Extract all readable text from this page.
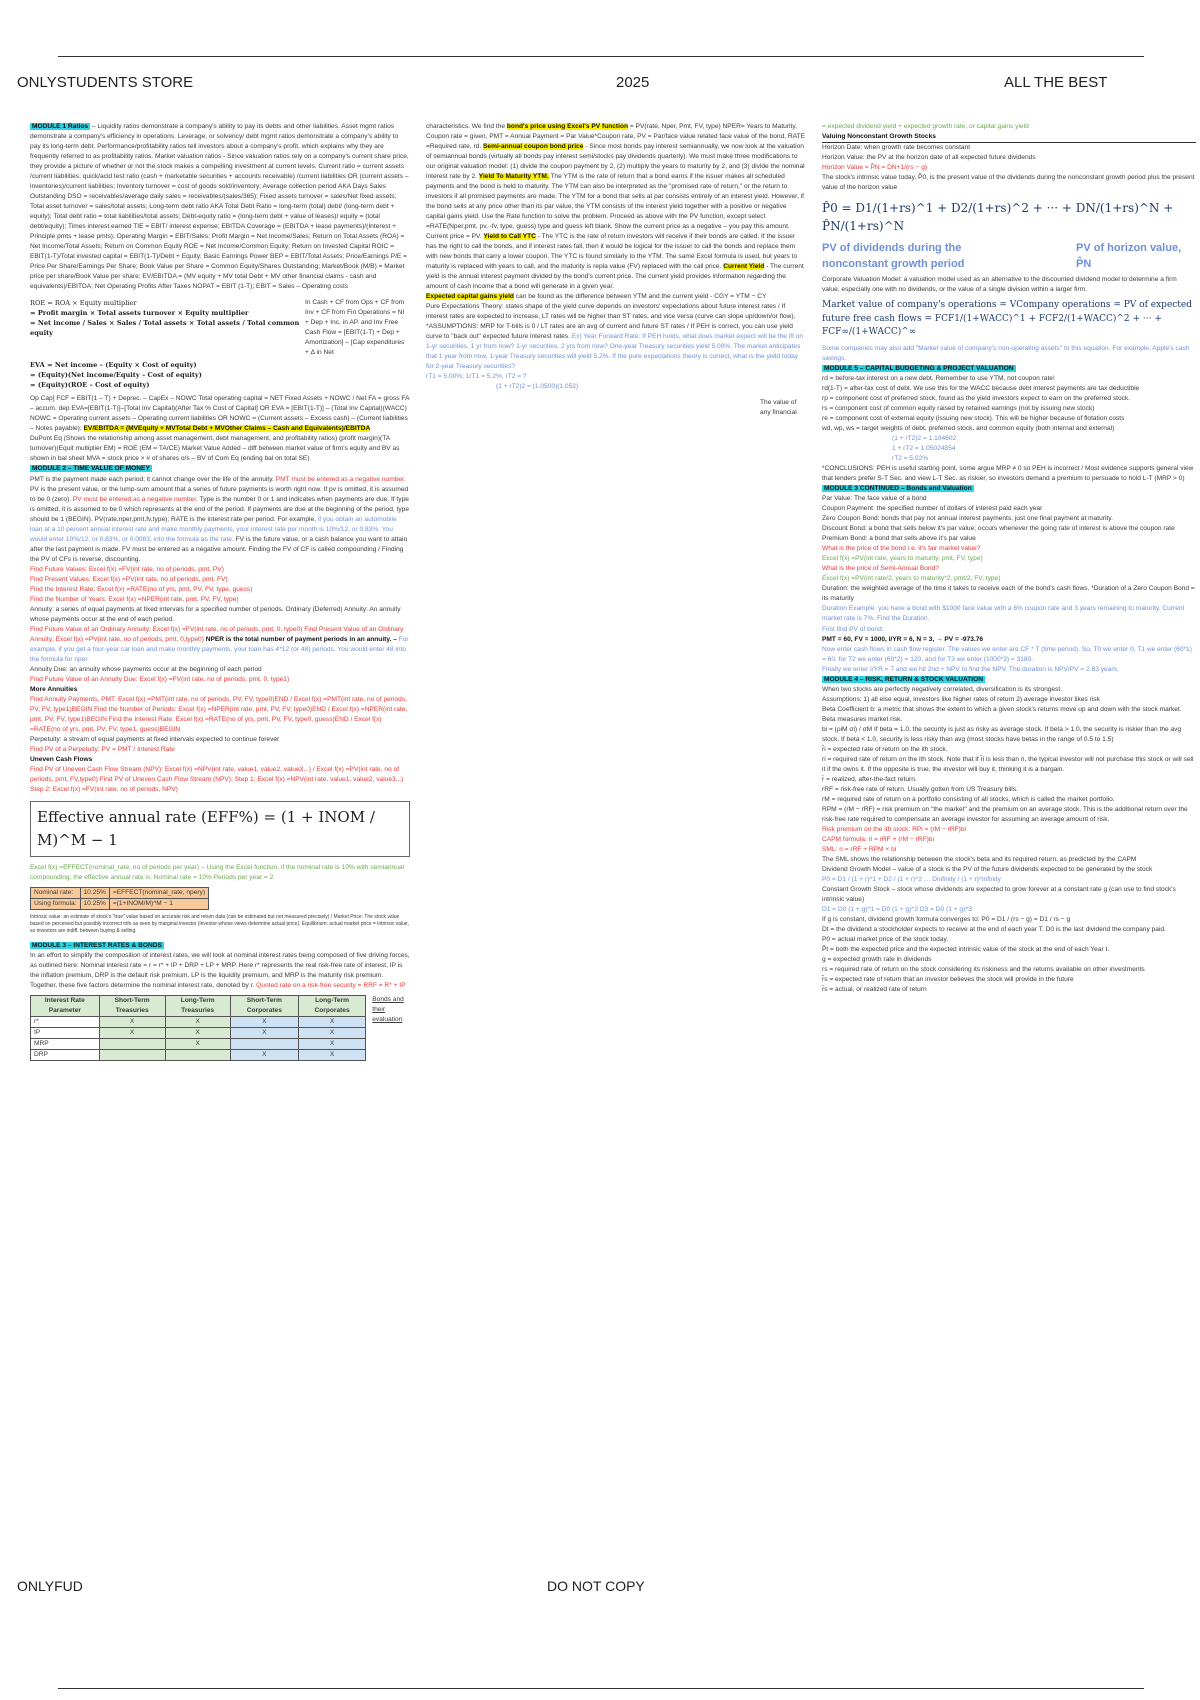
ONLYSTUDENTS STORE	2025	ALL THE BEST

MODULE 1 Ratios – Liquidity ratios demonstrate a company's ability to pay its debts and other liabilities. Asset mgmt ratios demonstrate a company's efficiency in operations. Leverage, or solvency/ debt mgmt ratios demonstrate a company's ability to pay its long-term debt. Performance/profitability ratios tell investors about a company's profit, which explains why they are frequently referred to as profitability ratios. Market valuation ratios - Since valuation ratios rely on a company's current share price, they provide a picture of whether or not the stock makes a compelling investment at current levels. Current ratio = current assets /current liabilities; quick/acid test ratio (cash + marketable securities + accounts receivable) /current liabilities OR (current assets – inventories)/current liabilities; Inventory turnover = cost of goods sold/inventory; Average collection period AKA Days Sales Outstanding DSO = receivables/average daily sales = receivables/(sales/365); Fixed assets turnover = sales/Net fixed assets; Total asset turnover = sales/total assets; Long-term debt ratio AKA Total Debt Ratio = long-term (total) debt/ (long-term debt + equity); Total debt ratio = total liabilities/total assets; Debt-equity ratio = (long-term debt + value of leases)/ equity = (total debt/equity); Times interest earned TIE = EBIT/ interest expense; EBITDA Coverage = (EBITDA + lease payments)/(Interest + Principle pmts + lease pmts); Operating Margin = EBIT/Sales; Profit Margin = Net Income/Sales; Return on Total Assets (ROA) = Net Income/Total Assets; Return on Common Equity ROE = Net Income/Common Equity; Return on Invested Capital ROIC = EBIT(1-T)/Total invested capital = EBIT(1-T)/Debt + Equity; Basic Earnings Power BEP = EBIT/Total Assets; Price/Earnings P/E = Price Per Share/Earnings Per Share; Book Value per Share = Common Equity/Shares Outstanding; Market/Book (M/B) = Market price per share/Book Value per share; EV/EBITDA = (MV equity + MV total Debt + MV other financial claims - cash and equivalents)/EBITDA; Net Operating Profits After Taxes NOPAT = EBIT (1-T); EBIT = Sales – Operating costs

ROE = ROA × Equity multiplier

= Profit margin × Total assets turnover × Equity multiplier

= Net income / Sales × Sales / Total assets × Total assets / Total common equity

EVA = Net income – (Equity × Cost of equity)

= (Equity)(Net income/Equity – Cost of equity)

= (Equity)(ROE – Cost of equity)

In Cash + CF from Ops + CF from Inv + CF from Fin Operations = NI + Dep + Inc. in AP. and Inv Free Cash Flow = [EBIT(1-T) + Dep + Amortization] – [Cap expenditures + Δ in Net

Op Cap] FCF = EBIT(1 – T) + Deprec. – CapEx – NOWC Total operating capital = NET Fixed Assets + NOWC / Net FA = gross FA – accum. dep EVA=[EBIT(1-T)]–[Total Inv Capital)(After Tax % Cost of Capital] OR EVA = [EBIT(1-T)] – (Total Inv Capital)(WACC) NOWC = Operating current assets – Operating current liabilities OR NOWC = (Current assets – Excess cash) – (Current liabilities – Notes payable); EV/EBITDA = (MVEquity + MVTotal Debt + MVOther Claims – Cash and Equivalents)/EBITDA

DuPont Eq (Shows the relationship among asset management, debt management, and profitability ratios) (profit margin)(TA turnover)(Equit multiplier EM) = ROE (EM = TA/CE) Market Value Added – diff between market value of firm's equity and BV as shown in bal sheet MVA = stock price × # of shares o/s – BV of Com Eq (ending bal on total SE)

MODULE 2 – TIME VALUE OF MONEY
PMT is the payment made each period; it cannot change over the life of the annuity. PMT must be entered as a negative number. PV is the present value, or the lump-sum amount that a series of future payments is worth right now. If pv is omitted, it is assumed to be 0 (zero). PV must be entered as a negative number. Type is the number 0 or 1 and indicates when payments are due. If type is omitted, it is assumed to be 0 which represents at the end of the period. If payments are due at the beginning of the period, type should be 1 (BEGIN). PV(rate,nper,pmt,fv,type); RATE is the interest rate per period. For example, if you obtain an automobile loan at a 10 percent annual interest rate and make monthly payments, your interest rate per month is 10%/12, or 0.83%. You would enter 10%/12, or 0.83%, or 0.0083, into the formula as the rate. FV is the future value, or a cash balance you want to attain after the last payment is made. FV must be entered as a negative amount. Finding the FV of CF is called compounding / Finding the PV of CFs is reverse, discounting.

Find Future Values: Excel f(x) =FV(int rate, no of periods, pmt, PV)

Find Present Values: Excel f(x) =PV(int rate, no of periods, pmt, FV)

Find the Interest Rate: Excel f(x) =RATE(no of yrs, pmt, PV, FV, type, guess)

Find the Number of Years: Excel f(x) =NPER(int rate, pmt, PV, FV, type)

Annuity: a series of equal payments at fixed intervals for a specified number of periods. Ordinary (Deferred) Annuity: An annuity whose payments occur at the end of each period.

Find Future Value of an Ordinary Annuity: Excel f(x) =FV(int rate, no of periods, pmt, 0, type0) Find Present Value of an Ordinary Annuity: Excel f(x) =PV(int rate, no of periods, pmt, 0,type0) NPER is the total number of payment periods in an annuity. – For example, if you get a four-year car loan and make monthly payments, your loan has 4*12 (or 48) periods. You would enter 48 into the formula for nper.

Annuity Due: an annuity whose payments occur at the beginning of each period

Find Future Value of an Annuity Due: Excel f(x) =FV(int rate, no of periods, pmt, 0, type1)

More Annuities

Find Annuity Payments, PMT: Excel f(x) =PMT(int rate, no of periods, PV, FV, type0)END / Excel f(x) =PMT(int rate, no of periods, PV, FV, type1)BEGIN Find the Number of Periods: Excel f(x) =NPER(int rate, pmt, PV, FV, type0)END / Excel f(x) =NPER(int rate, pmt, PV, FV, type1)BEGIN Find the Interest Rate: Excel f(x) =RATE(no of yrs, pmt, PV, FV, type0, guess)END / Excel f(x) =RATE(no of yrs, pmt, PV, FV, type1, guess)BEGIN

Perpetuity: a stream of equal payments at fixed intervals expected to continue forever

Find PV of a Perpetuity: PV = PMT / Interest Rate

Uneven Cash Flows

Find PV of Uneven Cash Flow Stream (NPV): Excel f(x) =NPV(int rate, value1, value2, value3...) / Excel f(x) =PV(int rate, no of periods, pmt, FV,type0) Find PV of Uneven Cash Flow Stream (NPV): Step 1: Excel f(x) =NPV(int rate, value1, value2, value3...) Step 2: Excel f(x) =FV(int rate, no of periods, NPV)

Effective annual rate (EFF%) = (1 + INOM / M)^M − 1

Excel f(x) =EFFECT(nominal_rate, no of periods per year) – Using the Excel function, if the nominal rate is 10% with semiannual compounding, the effective annual rate is: Nominal rate = 10% Periods per year = 2

Nominal rate:	10.25%	=EFFECT(nominal_rate, npery)
Using formula:	10.25%	=(1+INOM/M)^M − 1

Intrinsic value: an estimate of stock's "true" value based on accurate risk and return data (can be estimated but not measured precisely) / Market Price: The stock value based on perceived but possibly incorrect info as seen by marginal investor (investor whose views determine actual price). Equilibrium: actual market price = intrinsic value, so investors are indiff. between buying & selling.

MODULE 3 – INTEREST RATES & BONDS
In an effort to simplify the composition of interest rates, we will look at nominal interest rates being composed of five driving forces, as outlined here: Nominal interest rate = r = r* + IP + DRP + LP + MRP. Here r* represents the real risk-free rate of interest, IP is the inflation premium, DRP is the default risk premium, LP is the liquidity premium, and MRP is the maturity risk premium. Together, these five factors determine the nominal interest rate, denoted by r. Quoted rate on a risk-free security = RRF = R* + IP

Interest Rate Parameter	Short-Term Treasuries	Long-Term Treasuries	Short-Term Corporates	Long-Term Corporates
r*	X	X	X	X
IP	X	X	X	X
MRP		X		X
DRP			X	X
Bonds and their evaluation

characteristics. We find the bond's price using Excel's PV function = PV(rate, Nper, Pmt, FV, type) NPER= Years to Maturity, Coupon rate = given, PMT = Annual Payment = Par Value*Coupon rate, PV = Par/face value related face value of the bond, RATE =Required rate, rd. Semi-annual coupon bond price - Since most bonds pay interest semiannually, we now look at the valuation of semiannual bonds (virtually all bonds pay interest semi/stocks pay dividends quarterly). We must make three modifications to our original valuation model: (1) divide the coupon payment by 2, (2) multiply the years to maturity by 2, and (3) divide the nominal interest rate by 2. Yield To Maturity YTM. The YTM is the rate of return that a bond earns if the issuer makes all scheduled payments and the bond is held to maturity. The YTM can also be interpreted as the "promised rate of return," or the return to investors if all promised payments are made. The YTM for a bond that sells at par consists entirely of an interest yield. However, if the bond sells at any price other than its par value, the YTM consists of the interest yield together with a positive or negative capital gains yield. Use the Rate function to solve the problem. Proceed as above with the PV function, except select =RATE(Nper,pmt, pv, -fv, type, guess) type and guess left blank. Show the current price as a negative – you pay this amount. Current price = PV. Yield to Call YTC - The YTC is the rate of return investors will receive if their bonds are called. If the issuer has the right to call the bonds, and if interest rates fall, then it would be logical for the issuer to call the bonds and replace them with new bonds that carry a lower coupon. The YTC is found similarly to the YTM. The same Excel formula is used, but years to maturity is replaced with years to call, and the maturity is repla value (FV) replaced with the call price. Current Yield - The current yield is the annual interest payment divided by the bond's current price. The current yield provides information regarding the amount of cash income that a bond will generate in a given year.

Expected capital gains yield can be found as the difference between YTM and the current yield - CGY = YTM − CY

Pure Expectations Theory: states shape of the yield curve depends on investors' expectations about future interest rates / If interest rates are expected to increase, LT rates will be higher than ST rates, and vice versa (curve can slope up/down/or flow). *ASSUMPTIONS: MRP for T-bills is 0 / LT rates are an avg of current and future ST rates / If PEH is correct, you can use yield curve to "back out" expected future interest rates. Ex) Year Forward Rate: If PEH holds, what does market expect will be the ift on 1-yr securities, 1 yr from now? 1-yr securities, 2 yrs from now? One-year Treasury securities yield 5.00%. The market anticipates that 1 year from now, 1-year Treasury securities will yield 5.2%. If the pure expectations theory is correct, what is the yield today for 2-year Treasury securities?

rT1 = 5.00%; 1rT1 = 5.2%; rT2 = ?

(1 + rT2)2 = (1.0500)(1.052)

The value of any financial

= expected dividend yield + expected growth rate, or capital gains yield

Valuing Nonconstant Growth Stocks

Horizon Date: when growth rate becomes constant

Horizon Value: the PV at the horizon date of all expected future dividends

Horizon Value = P̂N = DN+1/(rs − g)

The stock's intrinsic value today, P̂0, is the present value of the dividends during the nonconstant growth period plus the present value of the horizon value

P̂0 = D1/(1+rs)^1 + D2/(1+rs)^2 + ··· + DN/(1+rs)^N + P̂N/(1+rs)^N
PV of dividends during the nonconstant growth period
PV of horizon value, P̂N

Corporate Valuation Model: a valuation model used as an alternative to the discounted dividend model to determine a firm value, especially one with no dividends, or the value of a single division within a larger firm.

Market value of company's operations = VCompany operations = PV of expected future free cash flows = FCF1/(1+WACC)^1 + FCF2/(1+WACC)^2 + ··· + FCF∞/(1+WACC)^∞

Some companies may also add "Market value of company's non-operating assets" to this equation. For example, Apple's cash savings.

MODULE 5 – CAPITAL BUDGETING & PROJECT VALUATION

rd = before-tax interest on a new debt. Remember to use YTM, not coupon rate!

rd(1-T) = after-tax cost of debt. We use this for the WACC because debt interest payments are tax deductible

rp = component cost of preferred stock, found as the yield investors expect to earn on the preferred stock.

rs = component cost of common equity raised by retained earnings (not by issuing new stock)

re = component cost of external equity (issuing new stock). This will be higher because of flotation costs

wd, wp, ws = target weights of debt, preferred stock, and common equity (both internal and external)

(1 + rT2)2 = 1.104602

1 + rT2 = 1.05024854

rT2 = 5.02%

*CONCLUSIONS: PEH is useful starting point, some argue MRP ≠ 0 so PEH is incorrect / Most evidence supports general view that lenders prefer S-T Sec. and view L-T Sec. as riskier, so investors demand a premium to persuade to hold L-T (MRP > 0)

MODULE 3 CONTINUED – Bonds and Valuation

Par Value: The face value of a bond

Coupon Payment: the specified number of dollars of interest paid each year

Zero Coupon Bond: bonds that pay not annual interest payments, just one final payment at maturity.

Discount Bond: a bond that sells below it's par value; occurs whenever the going rate of interest is above the coupon rate

Premium Bond: a bond that sells above it's par value

What is the price of the bond i.e. it's fair market value?

Excel f(x) =PV(int rate, years to maturity, pmt, FV, type)

What is the price of Semi-Annual Bond?

Excel f(x) =PV(int rate/2, years to maturity*2, pmt/2, FV, type)

Duration: the weighted average of the time it takes to receive each of the bond's cash flows. *Duration of a Zero Coupon Bond = its maturity

Duration Example: you have a bond with $1000 face value with a 6% coupon rate and 3 years remaining to maturity. Current market rate is 7%. Find the Duration.

First find PV of bond:

PMT = 60, FV = 1000, I/YR = 6, N = 3, → PV = -973.76

Now enter cash flows in cash flow register. The values we enter are CF * T (time period). So, T0 we enter 0, T1 we enter (60*1) = 60, for T2 we enter (60*2) = 120, and for T3 we enter (1000*3) = 3180.

Finally we enter I/YR = 7 and we hit 2nd + NPV to find the NPV. The duration is NPV/PV = 2.83 years.

MODULE 4 – RISK, RETURN & STOCK VALUATION

When two stocks are perfectly negatively correlated, diversification is its strongest.

Assumptions: 1) all else equal, investors like higher rates of return 2) average investor likes risk

Beta Coefficient b: a metric that shows the extent to which a given stock's returns move up and down with the stock market. Beta measures market risk.

bi = (ρiM σi) / σM If beta = 1.0, the security is just as risky as average stock. If beta > 1.0, the security is riskier than the avg stock. If beta < 1.0, security is less risky than avg (most stocks have betas in the range of 0.5 to 1.5)

r̂i = expected rate of return on the ith stock.

ri = required rate of return on the ith stock. Note that if r̂i is less than ri, the typical investor will not purchase this stock or will sell it if the owns it. If the opposite is true, the investor will buy it, thinking it is a bargain.

r̄ = realized, after-the-fact return.

rRF = risk-free rate of return. Usually gotten from US Treasury bills.

rM = required rate of return on a portfolio consisting of all stocks, which is called the market portfolio.

RPM = (rM − rRF) = risk premium on "the market" and the premium on an average stock. This is the additional return over the risk-free rate required to compensate an average investor for assuming an average amount of risk.

Risk premium on the ith stock: RPi = (rM − rRF)bi

CAPM formula: ri = rRF + (rM − rRF)bi

SML: ri = rRF + RPM × bi

The SML shows the relationship between the stock's beta and its required return, as predicted by the CAPM

Dividend Growth Model – value of a stock is the PV of the future dividends expected to be generated by the stock

P0 = D1 / (1 + r)^1 + D2 / (1 + r)^2 … Dinfinity / (1 + r)^infinity

Constant Growth Stock – stock whose dividends are expected to grow forever at a constant rate g (can use to find stock's intrinsic value)

D1 = D0 (1 + g)^1 = D0 (1 + g)^2 D3 = D0 (1 + g)^3

If g is constant, dividend growth formula converges to: P0 = D1 / (rs − g) = D1 / rs − g

Dt = the dividend a stockholder expects to receive at the end of each year T. D0 is the last dividend the company paid.

P0 = actual market price of the stock today.

P̂t = both the expected price and the expected intrinsic value of the stock at the end of each Year t.

g = expected growth rate in dividends

rs = required rate of return on the stock considering its riskiness and the returns available on other investments

r̂s = expected rate of return that an investor believes the stock will provide in the future

r̄s = actual, or realized rate of return

ONLYFUD	DO NOT COPY
